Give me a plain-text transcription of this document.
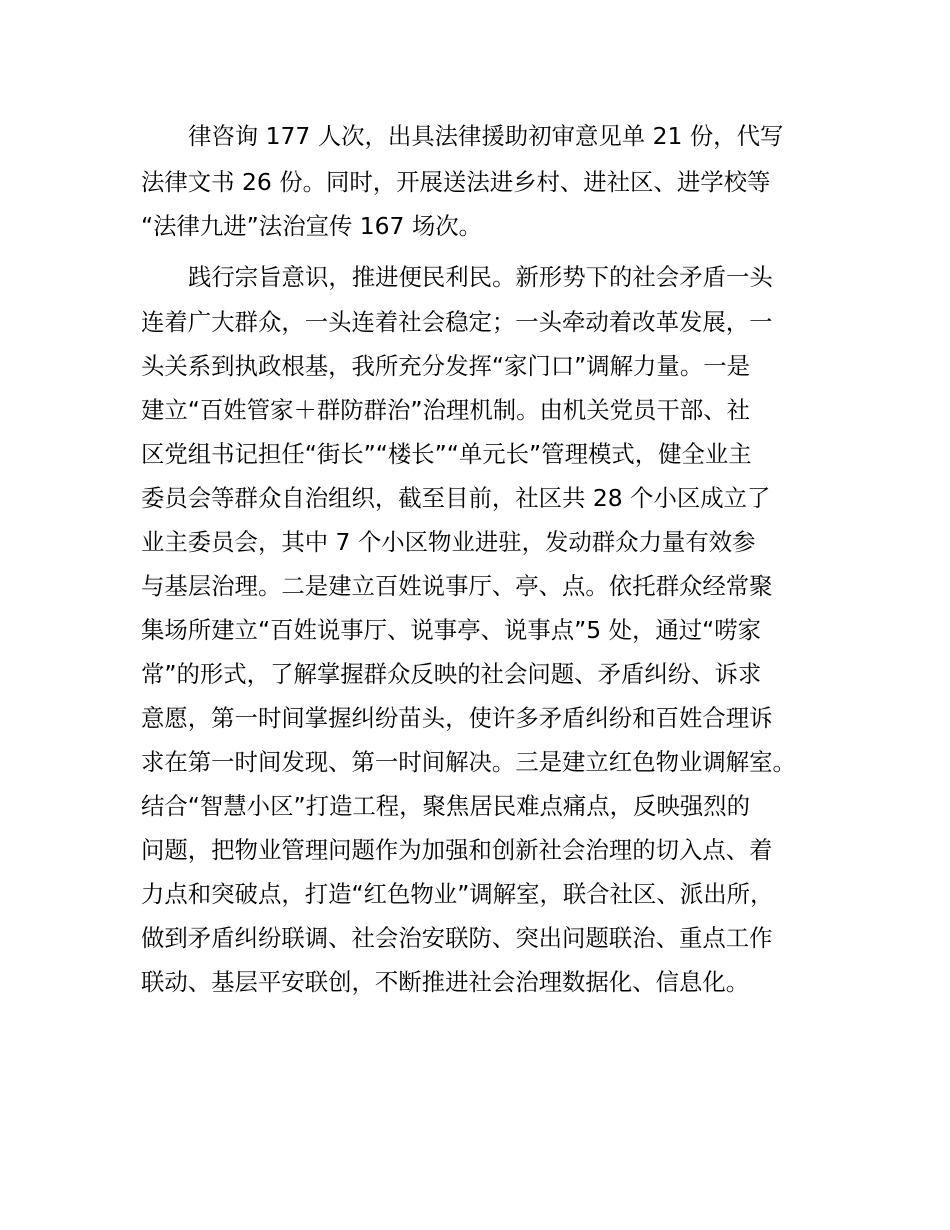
律咨询 177 人次，出具法律援助初审意见单 21 份，代写
法律文书 26 份。同时，开展送法进乡村、进社区、进学校等
“法律九进”法治宣传 167 场次。
践行宗旨意识，推进便民利民。新形势下的社会矛盾一头
连着广大群众，一头连着社会稳定；一头牵动着改革发展，一
头关系到执政根基，我所充分发挥“家门口”调解力量。一是
建立“百姓管家＋群防群治”治理机制。由机关党员干部、社
区党组书记担任“街长”“楼长”“单元长”管理模式，健全业主
委员会等群众自治组织，截至目前，社区共 28 个小区成立了
业主委员会，其中 7 个小区物业进驻，发动群众力量有效参
与基层治理。二是建立百姓说事厅、亭、点。依托群众经常聚
集场所建立“百姓说事厅、说事亭、说事点”5 处，通过“唠家
常”的形式，了解掌握群众反映的社会问题、矛盾纠纷、诉求
意愿，第一时间掌握纠纷苗头，使许多矛盾纠纷和百姓合理诉
求在第一时间发现、第一时间解决。三是建立红色物业调解室。
结合“智慧小区”打造工程，聚焦居民难点痛点，反映强烈的
问题，把物业管理问题作为加强和创新社会治理的切入点、着
力点和突破点，打造“红色物业”调解室，联合社区、派出所，
做到矛盾纠纷联调、社会治安联防、突出问题联治、重点工作
联动、基层平安联创，不断推进社会治理数据化、信息化。
